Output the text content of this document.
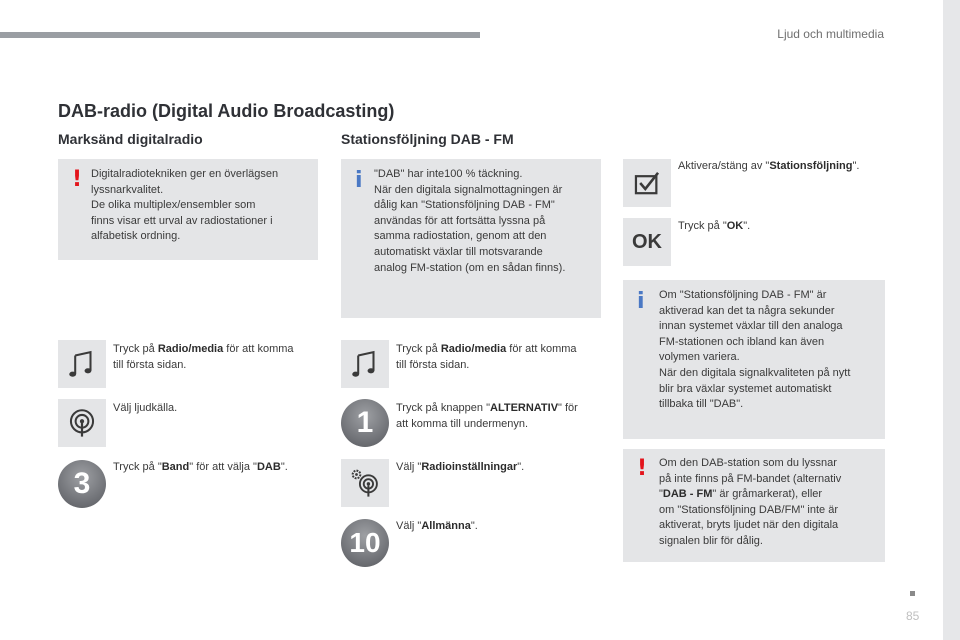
Ljud och multimedia
DAB-radio (Digital Audio Broadcasting)
Marksänd digitalradio	Stationsföljning DAB - FM
! Digitalradiotekniken ger en överlägsen
lyssnarkvalitet.
De olika multiplex/ensembler som
finns visar ett urval av radiostationer i
alfabetisk ordning.
i "DAB" har inte100 % täckning.
När den digitala signalmottagningen är
dålig kan "Stationsföljning DAB - FM"
användas för att fortsätta lyssna på
samma radiostation, genom att den
automatiskt växlar till motsvarande
analog FM-station (om en sådan finns).
Tryck på Radio/media för att komma
till första sidan.
Välj ljudkälla.
3	Tryck på "Band" för att välja "DAB".
Tryck på Radio/media för att komma
till första sidan.
1	Tryck på knappen "ALTERNATIV" för
att komma till undermenyn.
Välj "Radioinställningar".
10
Välj "Allmänna".
Aktivera/stäng av "Stationsföljning".
OK
Tryck på "OK".
i Om "Stationsföljning DAB - FM" är
aktiverad kan det ta några sekunder
innan systemet växlar till den analoga
FM-stationen och ibland kan även
volymen variera.
När den digitala signalkvaliteten på nytt
blir bra växlar systemet automatiskt
tillbaka till "DAB".
! Om den DAB-station som du lyssnar
på inte finns på FM-bandet (alternativ
"DAB - FM" är gråmarkerat), eller
om "Stationsföljning DAB/FM" inte är
aktiverat, bryts ljudet när den digitala
signalen blir för dålig.
85
